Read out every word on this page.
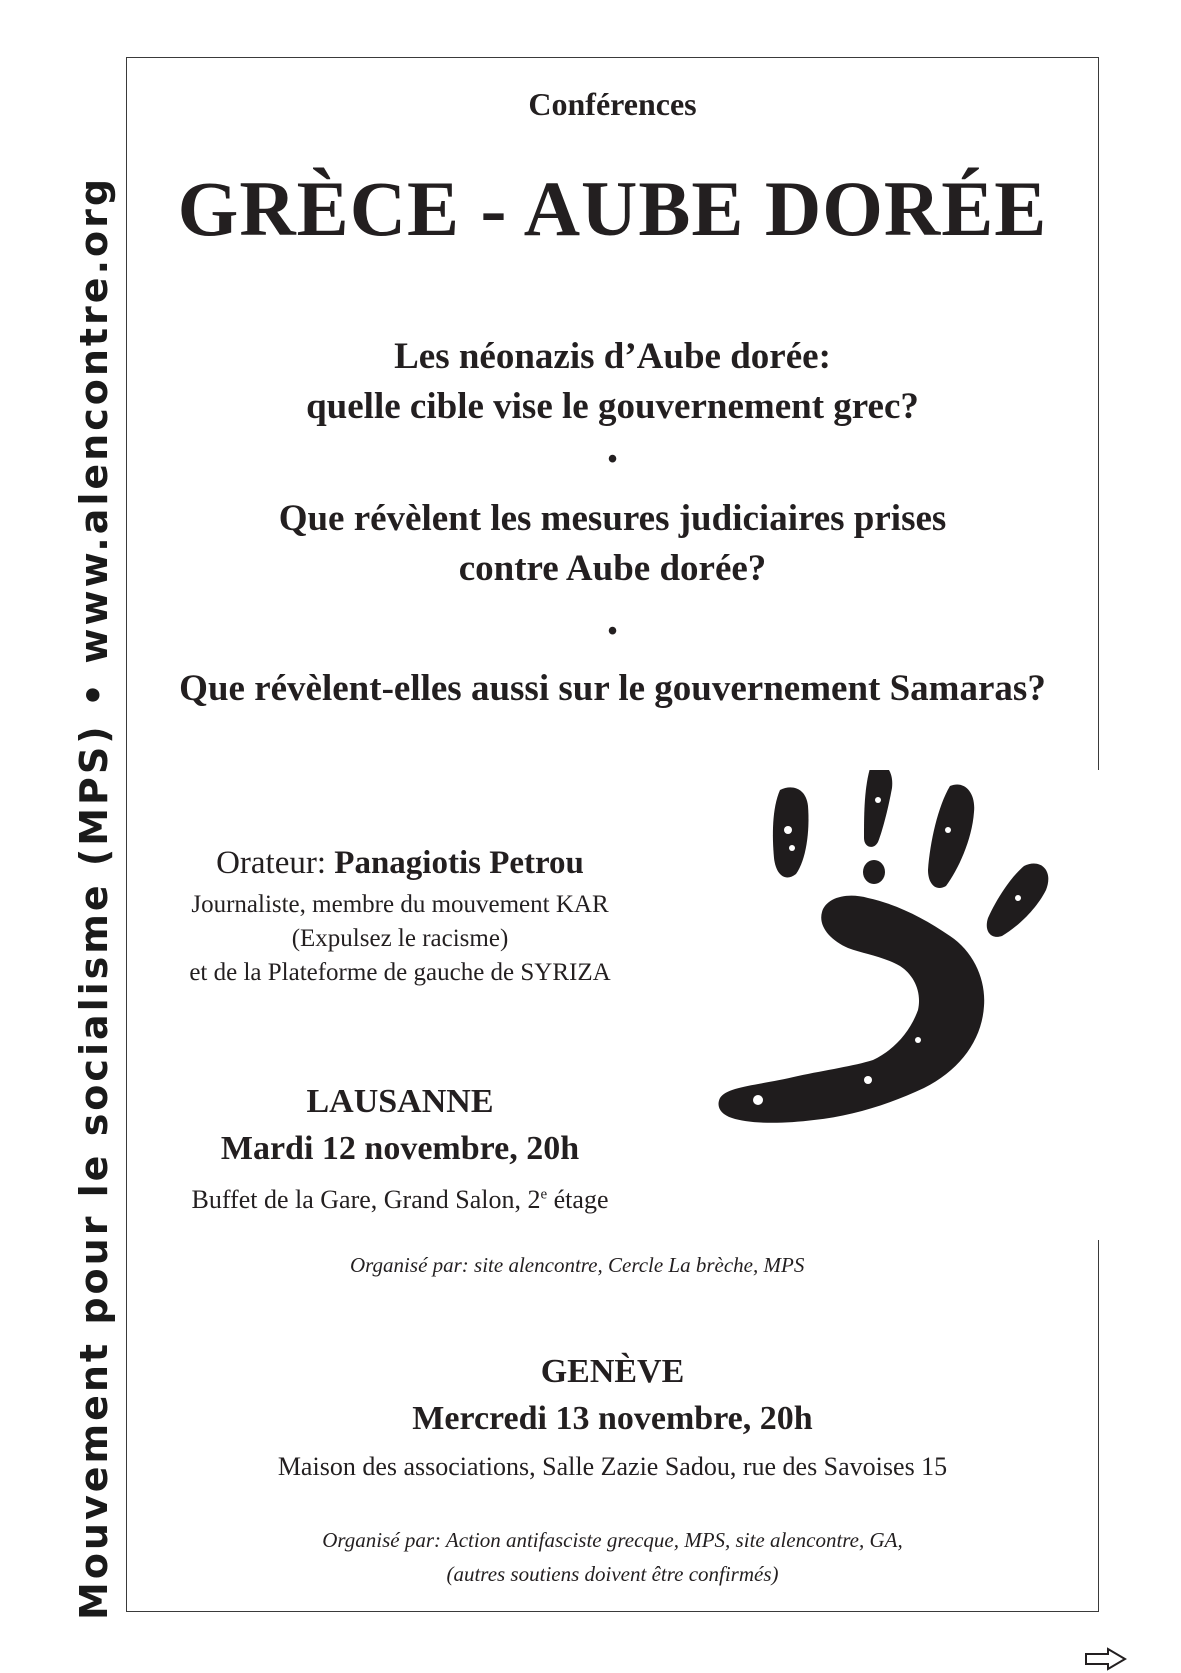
Mouvement pour le socialisme (MPS) • www.alencontre.org
Conférences
GRÈCE - AUBE DORÉE
Les néonazis d’Aube dorée:
quelle cible vise le gouvernement grec?
•
Que révèlent les mesures judiciaires prises
contre Aube dorée?
•
Que révèlent-elles aussi sur le gouvernement Samaras?
Orateur: Panagiotis Petrou
Journaliste, membre du mouvement KAR
(Expulsez le racisme)
et de la Plateforme de gauche de SYRIZA
LAUSANNE
Mardi 12 novembre, 20h
Buffet de la Gare, Grand Salon, 2e étage
Organisé par: site alencontre, Cercle La brèche, MPS
GENÈVE
Mercredi 13 novembre, 20h
Maison des associations, Salle Zazie Sadou, rue des Savoises 15
Organisé par: Action antifasciste grecque, MPS, site alencontre, GA,
(autres soutiens doivent être confirmés)
